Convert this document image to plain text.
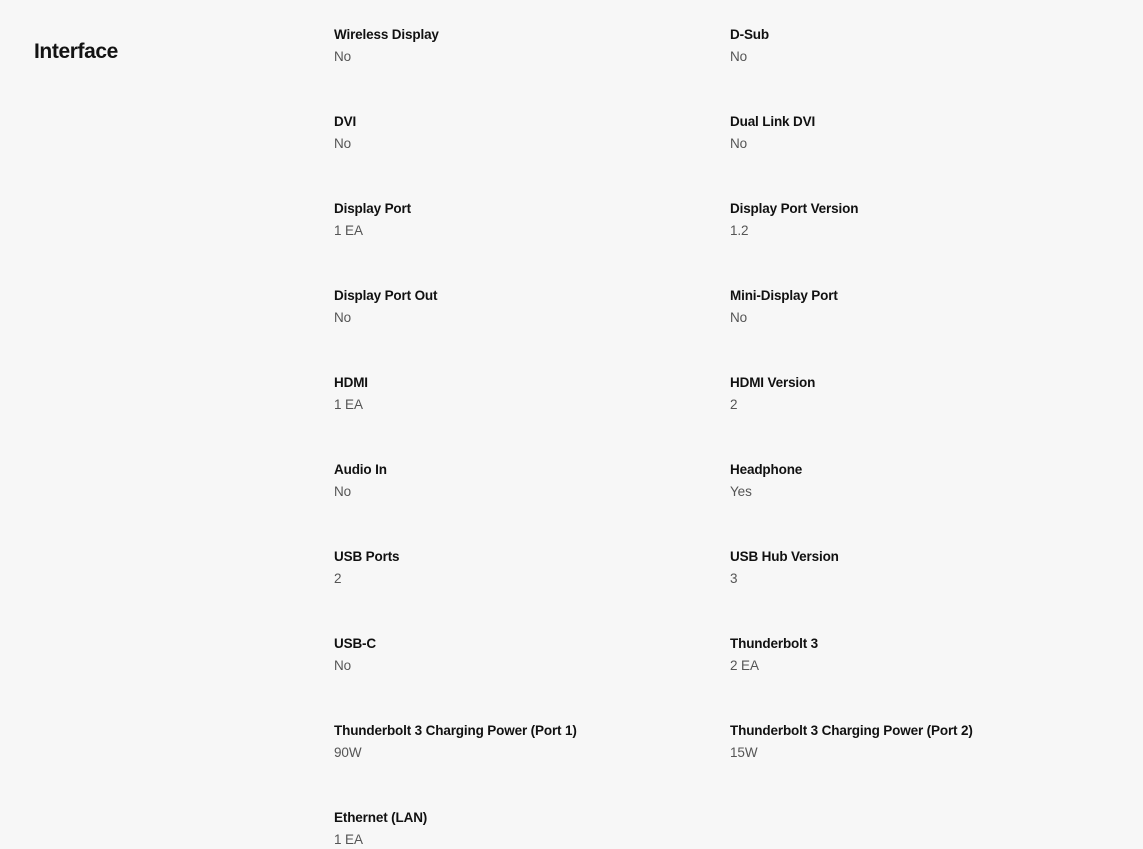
Interface
Wireless Display
No
D-Sub
No
DVI
No
Dual Link DVI
No
Display Port
1 EA
Display Port Version
1.2
Display Port Out
No
Mini-Display Port
No
HDMI
1 EA
HDMI Version
2
Audio In
No
Headphone
Yes
USB Ports
2
USB Hub Version
3
USB-C
No
Thunderbolt 3
2 EA
Thunderbolt 3 Charging Power (Port 1)
90W
Thunderbolt 3 Charging Power (Port 2)
15W
Ethernet (LAN)
1 EA
